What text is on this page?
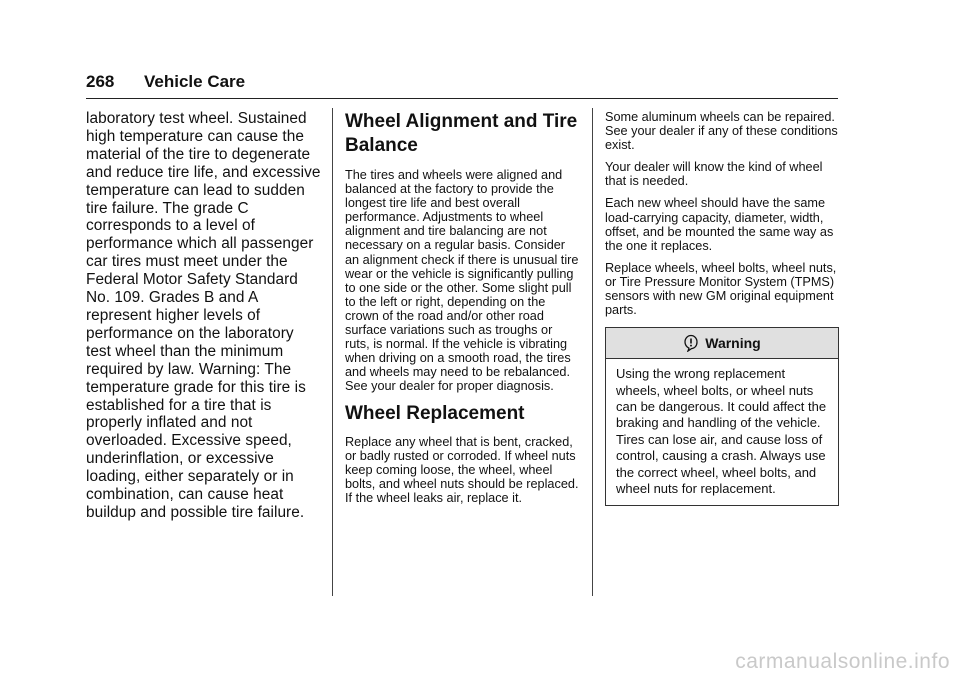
268	Vehicle Care

laboratory test wheel. Sustained high temperature can cause the material of the tire to degenerate and reduce tire life, and excessive temperature can lead to sudden tire failure. The grade C corresponds to a level of performance which all passenger car tires must meet under the Federal Motor Safety Standard No. 109. Grades B and A represent higher levels of performance on the laboratory test wheel than the minimum required by law. Warning: The temperature grade for this tire is established for a tire that is properly inflated and not overloaded. Excessive speed, underinflation, or excessive loading, either separately or in combination, can cause heat buildup and possible tire failure.

Wheel Alignment and Tire Balance

The tires and wheels were aligned and balanced at the factory to provide the longest tire life and best overall performance. Adjustments to wheel alignment and tire balancing are not necessary on a regular basis. Consider an alignment check if there is unusual tire wear or the vehicle is significantly pulling to one side or the other. Some slight pull to the left or right, depending on the crown of the road and/or other road surface variations such as troughs or ruts, is normal. If the vehicle is vibrating when driving on a smooth road, the tires and wheels may need to be rebalanced. See your dealer for proper diagnosis.

Wheel Replacement

Replace any wheel that is bent, cracked, or badly rusted or corroded. If wheel nuts keep coming loose, the wheel, wheel bolts, and wheel nuts should be replaced.

If the wheel leaks air, replace it.

Some aluminum wheels can be repaired. See your dealer if any of these conditions exist.

Your dealer will know the kind of wheel that is needed.

Each new wheel should have the same load-carrying capacity, diameter, width, offset, and be mounted the same way as the one it replaces.

Replace wheels, wheel bolts, wheel nuts, or Tire Pressure Monitor System (TPMS) sensors with new GM original equipment parts.

Warning

Using the wrong replacement wheels, wheel bolts, or wheel nuts can be dangerous. It could affect the braking and handling of the vehicle. Tires can lose air, and cause loss of control, causing a crash. Always use the correct wheel, wheel bolts, and wheel nuts for replacement.

carmanualsonline.info
